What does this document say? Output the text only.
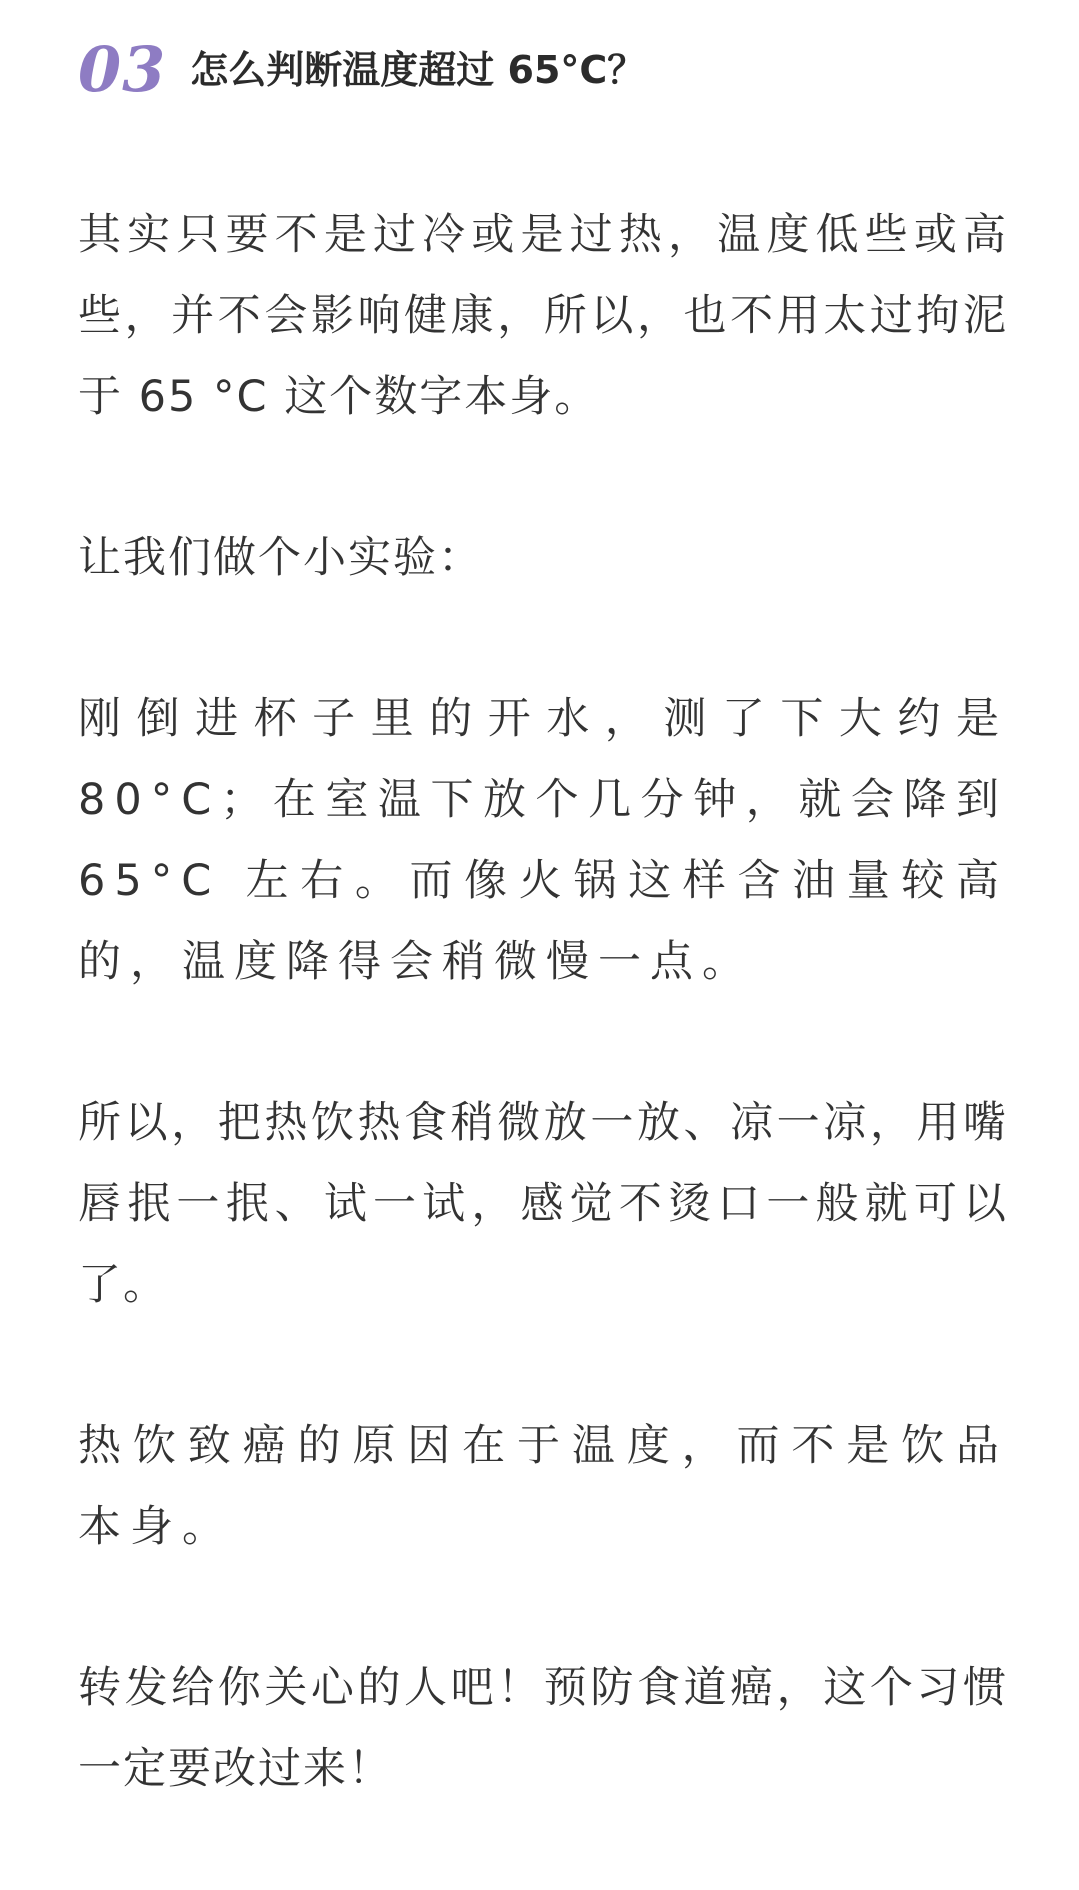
03 怎么判断温度超过 65°C？

其实只要不是过冷或是过热，温度低些或高些，并不会影响健康，所以，也不用太过拘泥于 65 °C 这个数字本身。

让我们做个小实验：

刚倒进杯子里的开水，测了下大约是 80°C；在室温下放个几分钟，就会降到 65°C 左右。而像火锅这样含油量较高的，温度降得会稍微慢一点。

所以，把热饮热食稍微放一放、凉一凉，用嘴唇抿一抿、试一试，感觉不烫口一般就可以了。

热饮致癌的原因在于温度，而不是饮品本身。

转发给你关心的人吧！预防食道癌，这个习惯一定要改过来！
